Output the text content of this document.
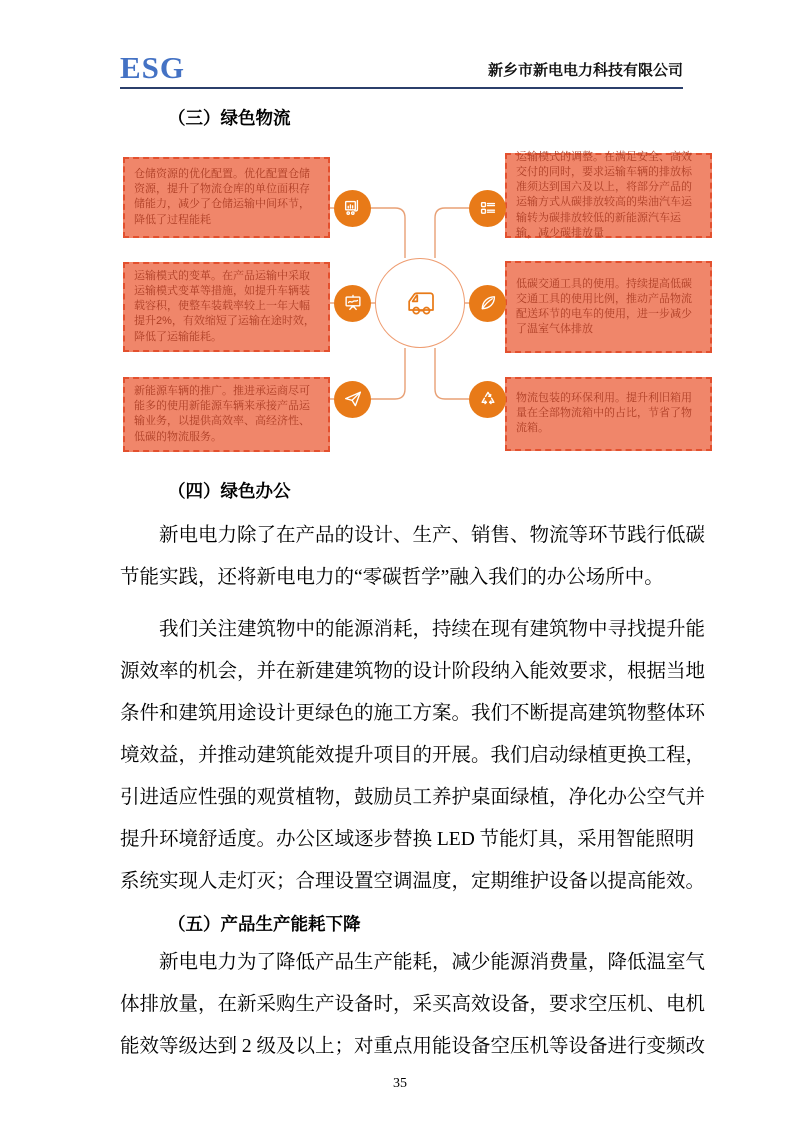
ESG	新乡市新电电力科技有限公司
（三）绿色物流
仓储资源的优化配置。优化配置仓储资源，提升了物流仓库的单位面积存储能力，减少了仓储运输中间环节，降低了过程能耗
运输模式的变革。在产品运输中采取运输模式变革等措施，如提升车辆装载容积，使整车装载率较上一年大幅提升2%，有效缩短了运输在途时效，降低了运输能耗。
新能源车辆的推广。推进承运商尽可能多的使用新能源车辆来承接产品运输业务，以提供高效率、高经济性、低碳的物流服务。
运输模式的调整。在满足安全、高效交付的同时，要求运输车辆的排放标准须达到国六及以上，将部分产品的运输方式从碳排放较高的柴油汽车运输转为碳排放较低的新能源汽车运输，减少碳排放量
低碳交通工具的使用。持续提高低碳交通工具的使用比例，推动产品物流配送环节的电车的使用，进一步减少了温室气体排放
物流包装的环保利用。提升利旧箱用量在全部物流箱中的占比，节省了物流箱。
（四）绿色办公
新电电力除了在产品的设计、生产、销售、物流等环节践行低碳
节能实践，还将新电电力的“零碳哲学”融入我们的办公场所中。
我们关注建筑物中的能源消耗，持续在现有建筑物中寻找提升能
源效率的机会，并在新建建筑物的设计阶段纳入能效要求，根据当地
条件和建筑用途设计更绿色的施工方案。我们不断提高建筑物整体环
境效益，并推动建筑能效提升项目的开展。我们启动绿植更换工程，
引进适应性强的观赏植物，鼓励员工养护桌面绿植，净化办公空气并
提升环境舒适度。办公区域逐步替换 LED 节能灯具，采用智能照明
系统实现人走灯灭；合理设置空调温度，定期维护设备以提高能效。
（五）产品生产能耗下降
新电电力为了降低产品生产能耗，减少能源消费量，降低温室气
体排放量，在新采购生产设备时，采买高效设备，要求空压机、电机
能效等级达到 2 级及以上；对重点用能设备空压机等设备进行变频改
35
